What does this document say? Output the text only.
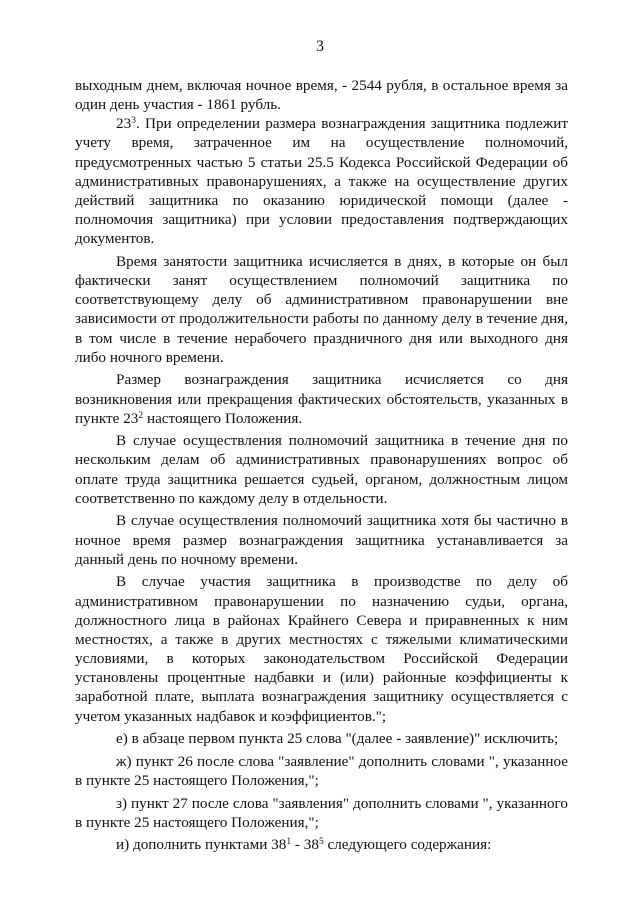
3

выходным днем, включая ночное время, - 2544 рубля, в остальное время за один день участия - 1861 рубль.

$23^3$. При определении размера вознаграждения защитника подлежит учету время, затраченное им на осуществление полномочий, предусмотренных частью 5 статьи 25.5 Кодекса Российской Федерации об административных правонарушениях, а также на осуществление других действий защитника по оказанию юридической помощи (далее - полномочия защитника) при условии предоставления подтверждающих документов.

Время занятости защитника исчисляется в днях, в которые он был фактически занят осуществлением полномочий защитника по соответствующему делу об административном правонарушении вне зависимости от продолжительности работы по данному делу в течение дня, в том числе в течение нерабочего праздничного дня или выходного дня либо ночного времени.

Размер вознаграждения защитника исчисляется со дня возникновения или прекращения фактических обстоятельств, указанных в пункте $23^2$ настоящего Положения.

В случае осуществления полномочий защитника в течение дня по нескольким делам об административных правонарушениях вопрос об оплате труда защитника решается судьей, органом, должностным лицом соответственно по каждому делу в отдельности.

В случае осуществления полномочий защитника хотя бы частично в ночное время размер вознаграждения защитника устанавливается за данный день по ночному времени.

В случае участия защитника в производстве по делу об административном правонарушении по назначению судьи, органа, должностного лица в районах Крайнего Севера и приравненных к ним местностях, а также в других местностях с тяжелыми климатическими условиями, в которых законодательством Российской Федерации установлены процентные надбавки и (или) районные коэффициенты к заработной плате, выплата вознаграждения защитнику осуществляется с учетом указанных надбавок и коэффициентов.";

е) в абзаце первом пункта 25 слова "(далее - заявление)" исключить;

ж) пункт 26 после слова "заявление" дополнить словами ", указанное в пункте 25 настоящего Положения,";

з) пункт 27 после слова "заявления" дополнить словами ", указанного в пункте 25 настоящего Положения,";

и) дополнить пунктами $38^1 - 38^5$ следующего содержания:
